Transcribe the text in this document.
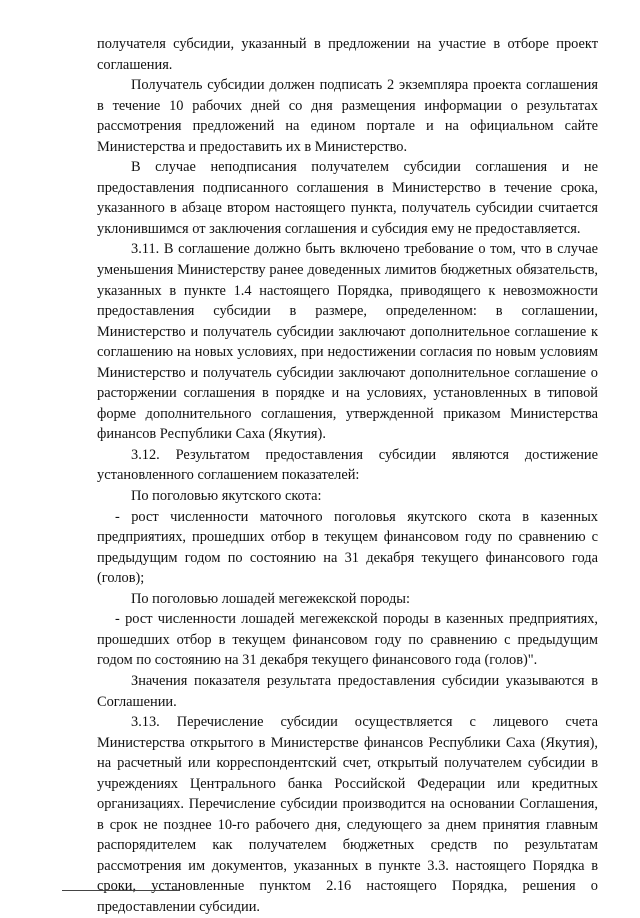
получателя субсидии, указанный в предложении на участие в отборе проект соглашения.

Получатель субсидии должен подписать 2 экземпляра проекта соглашения в течение 10 рабочих дней со дня размещения информации о результатах рассмотрения предложений на едином портале и на официальном сайте Министерства и предоставить их в Министерство.

В случае неподписания получателем субсидии соглашения и не предоставления подписанного соглашения в Министерство в течение срока, указанного в абзаце втором настоящего пункта, получатель субсидии считается уклонившимся от заключения соглашения и субсидия ему не предоставляется.

3.11. В соглашение должно быть включено требование о том, что в случае уменьшения Министерству ранее доведенных лимитов бюджетных обязательств, указанных в пункте 1.4 настоящего Порядка, приводящего к невозможности предоставления субсидии в размере, определенном: в соглашении, Министерство и получатель субсидии заключают дополнительное соглашение к соглашению на новых условиях, при недостижении согласия по новым условиям Министерство и получатель субсидии заключают дополнительное соглашение о расторжении соглашения в порядке и на условиях, установленных в типовой форме дополнительного соглашения, утвержденной приказом Министерства финансов Республики Саха (Якутия).

3.12. Результатом предоставления субсидии являются достижение установленного соглашением показателей:

По поголовью якутского скота:

- рост численности маточного поголовья якутского скота в казенных предприятиях, прошедших отбор в текущем финансовом году по сравнению с предыдущим годом по состоянию на 31 декабря текущего финансового года (голов);

По поголовью лошадей мегежекской породы:

- рост численности лошадей мегежекской породы в казенных предприятиях, прошедших отбор в текущем финансовом году по сравнению с предыдущим годом по состоянию на 31 декабря текущего финансового года (голов)".

Значения показателя результата предоставления субсидии указываются в Соглашении.

3.13. Перечисление субсидии осуществляется с лицевого счета Министерства открытого в Министерстве финансов Республики Саха (Якутия), на расчетный или корреспондентский счет, открытый получателем субсидии в учреждениях Центрального банка Российской Федерации или кредитных организациях. Перечисление субсидии производится на основании Соглашения, в срок не позднее 10-го рабочего дня, следующего за днем принятия главным распорядителем как получателем бюджетных средств по результатам рассмотрения им документов, указанных в пункте 3.3. настоящего Порядка в сроки, установленные пунктом 2.16 настоящего Порядка, решения о предоставлении субсидии.
